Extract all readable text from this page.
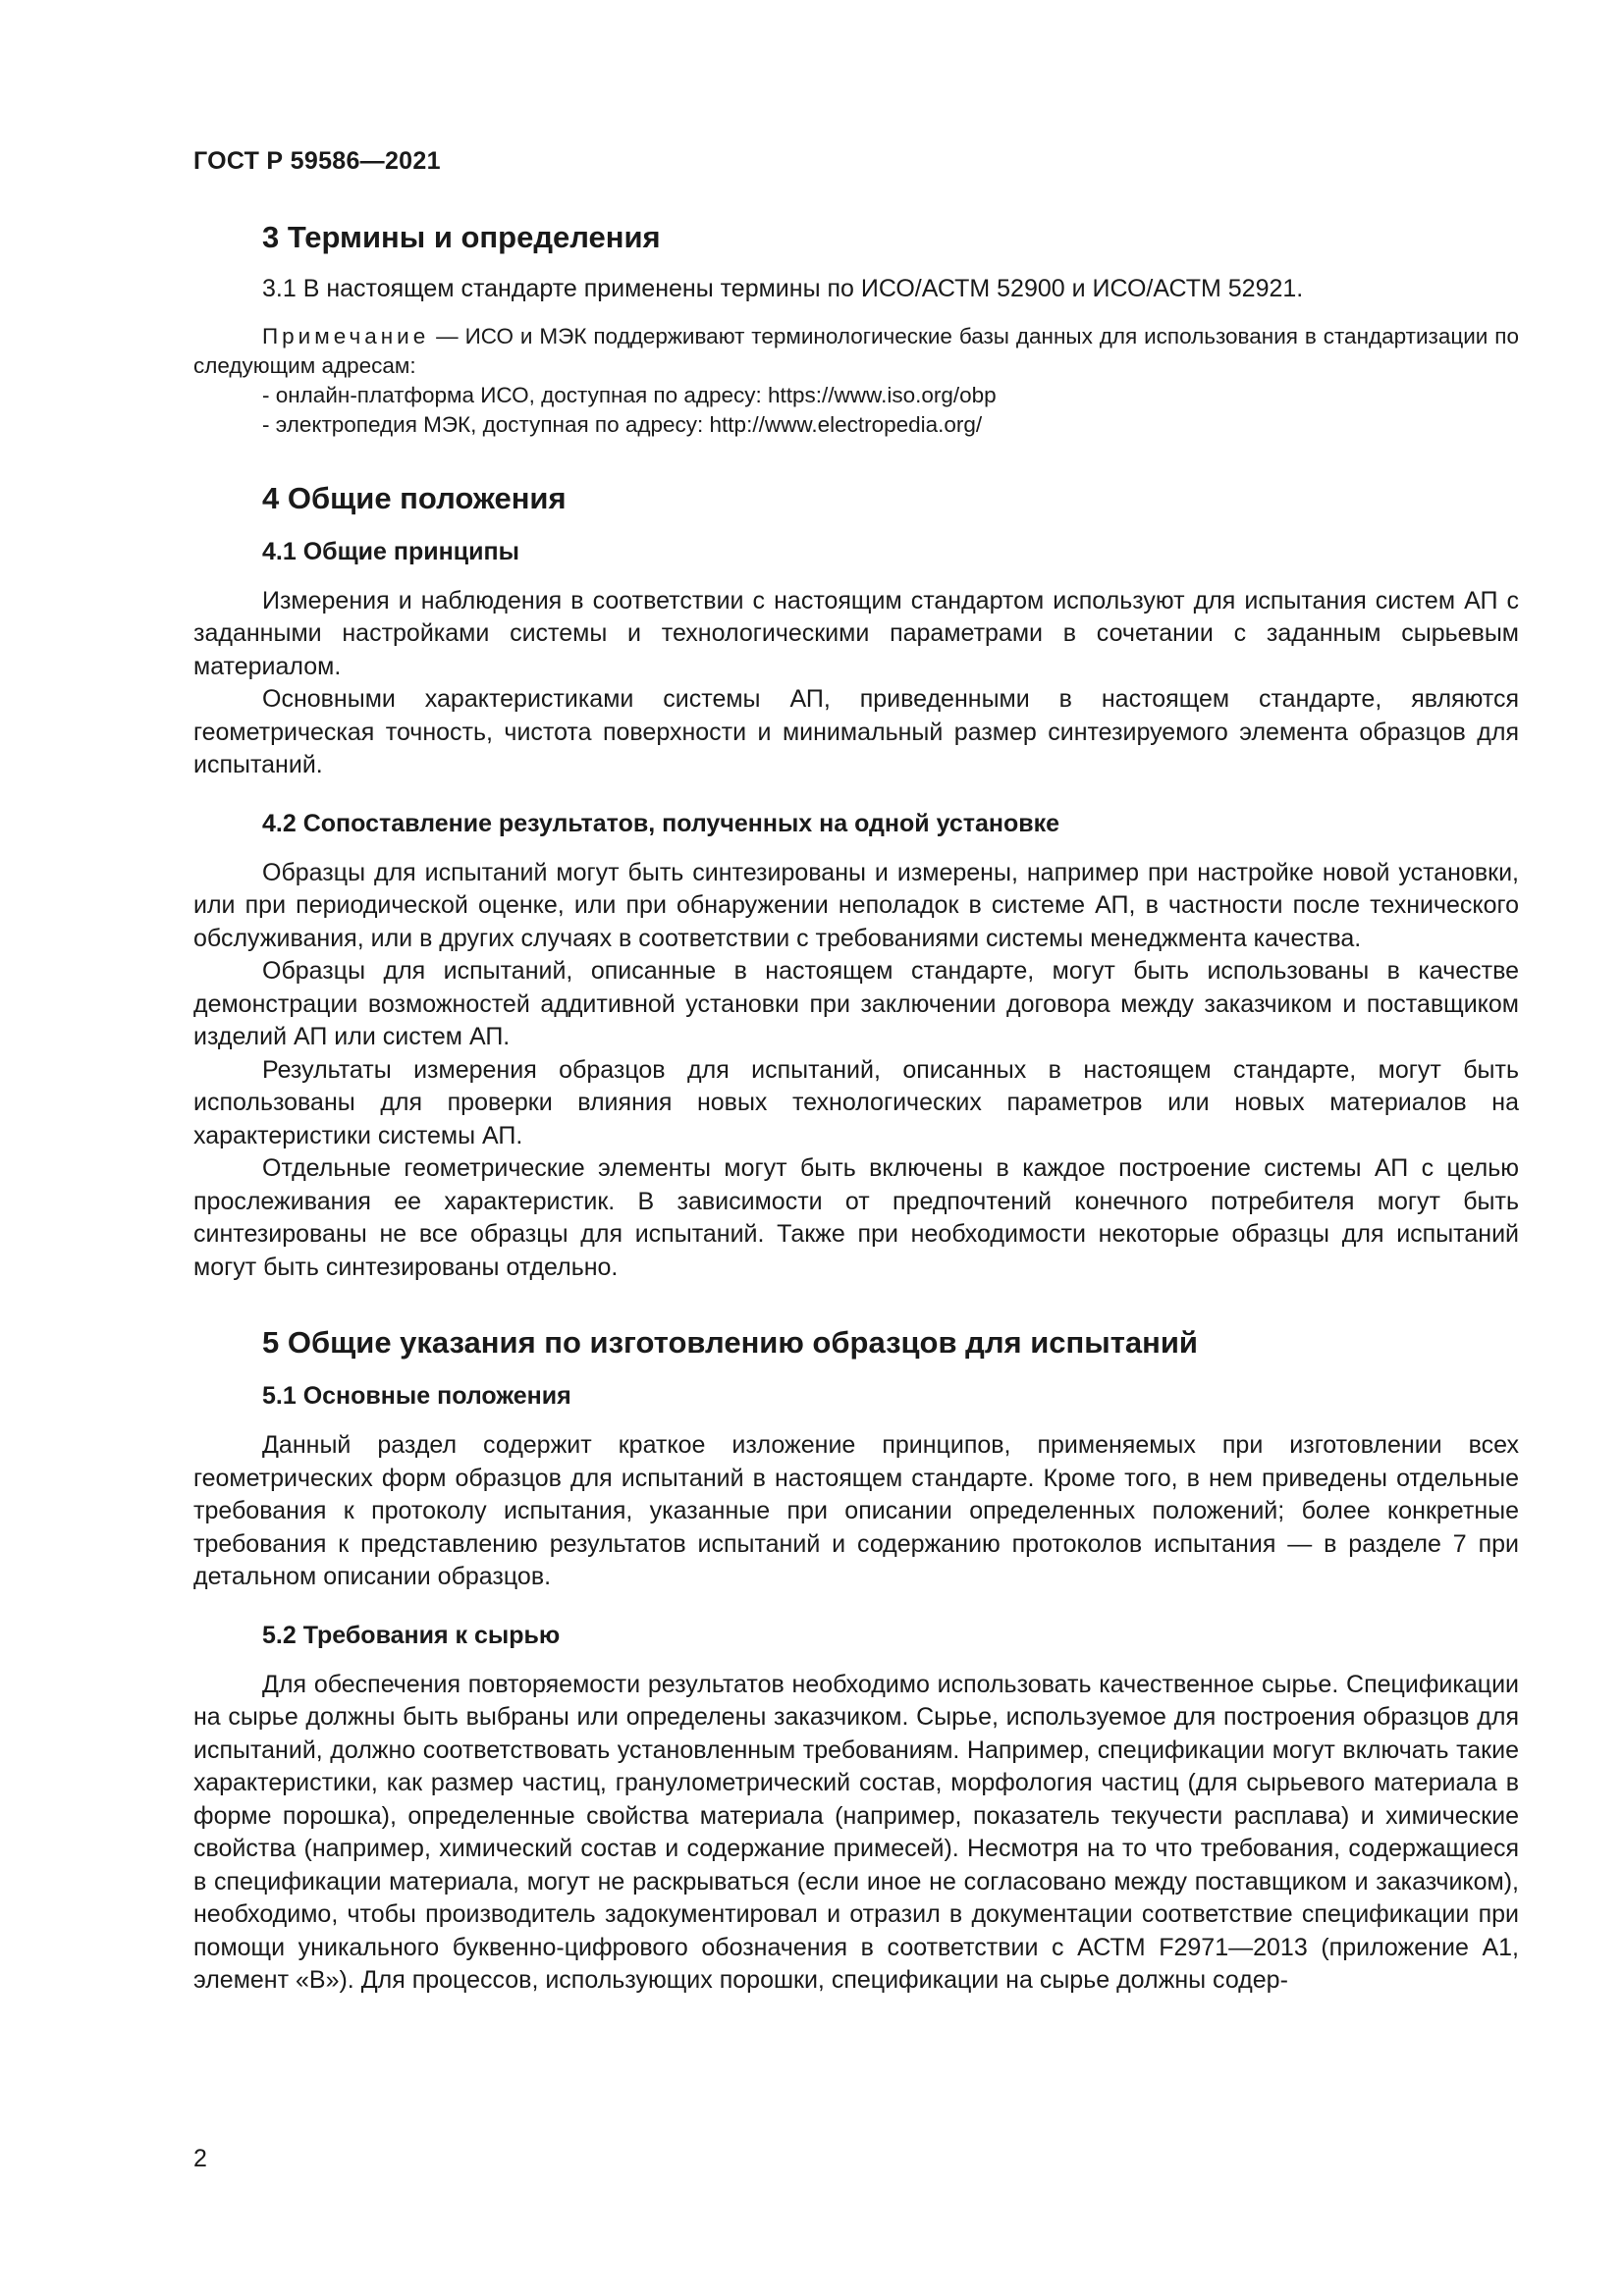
ГОСТ Р 59586—2021
3 Термины и определения

3.1 В настоящем стандарте применены термины по ИСО/АСТМ 52900 и ИСО/АСТМ 52921.

Примечание — ИСО и МЭК поддерживают терминологические базы данных для использования в стандартизации по следующим адресам:
- онлайн-платформа ИСО, доступная по адресу: https://www.iso.org/obp
- электропедия МЭК, доступная по адресу: http://www.electropedia.org/
4 Общие положения
4.1 Общие принципы

Измерения и наблюдения в соответствии с настоящим стандартом используют для испытания систем АП с заданными настройками системы и технологическими параметрами в сочетании с заданным сырьевым материалом.

Основными характеристиками системы АП, приведенными в настоящем стандарте, являются геометрическая точность, чистота поверхности и минимальный размер синтезируемого элемента образцов для испытаний.

4.2 Сопоставление результатов, полученных на одной установке

Образцы для испытаний могут быть синтезированы и измерены, например при настройке новой установки, или при периодической оценке, или при обнаружении неполадок в системе АП, в частности после технического обслуживания, или в других случаях в соответствии с требованиями системы менеджмента качества.

Образцы для испытаний, описанные в настоящем стандарте, могут быть использованы в качестве демонстрации возможностей аддитивной установки при заключении договора между заказчиком и поставщиком изделий АП или систем АП.

Результаты измерения образцов для испытаний, описанных в настоящем стандарте, могут быть использованы для проверки влияния новых технологических параметров или новых материалов на характеристики системы АП.

Отдельные геометрические элементы могут быть включены в каждое построение системы АП с целью прослеживания ее характеристик. В зависимости от предпочтений конечного потребителя могут быть синтезированы не все образцы для испытаний. Также при необходимости некоторые образцы для испытаний могут быть синтезированы отдельно.

5 Общие указания по изготовлению образцов для испытаний
5.1 Основные положения

Данный раздел содержит краткое изложение принципов, применяемых при изготовлении всех геометрических форм образцов для испытаний в настоящем стандарте. Кроме того, в нем приведены отдельные требования к протоколу испытания, указанные при описании определенных положений; более конкретные требования к представлению результатов испытаний и содержанию протоколов испытания — в разделе 7 при детальном описании образцов.

5.2 Требования к сырью

Для обеспечения повторяемости результатов необходимо использовать качественное сырье. Спецификации на сырье должны быть выбраны или определены заказчиком. Сырье, используемое для построения образцов для испытаний, должно соответствовать установленным требованиям. Например, спецификации могут включать такие характеристики, как размер частиц, гранулометрический состав, морфология частиц (для сырьевого материала в форме порошка), определенные свойства материала (например, показатель текучести расплава) и химические свойства (например, химический состав и содержание примесей). Несмотря на то что требования, содержащиеся в спецификации материала, могут не раскрываться (если иное не согласовано между поставщиком и заказчиком), необходимо, чтобы производитель задокументировал и отразил в документации соответствие спецификации при помощи уникального буквенно-цифрового обозначения в соответствии с АСТМ F2971—2013 (приложение А1, элемент «В»). Для процессов, использующих порошки, спецификации на сырье должны содер-

2
